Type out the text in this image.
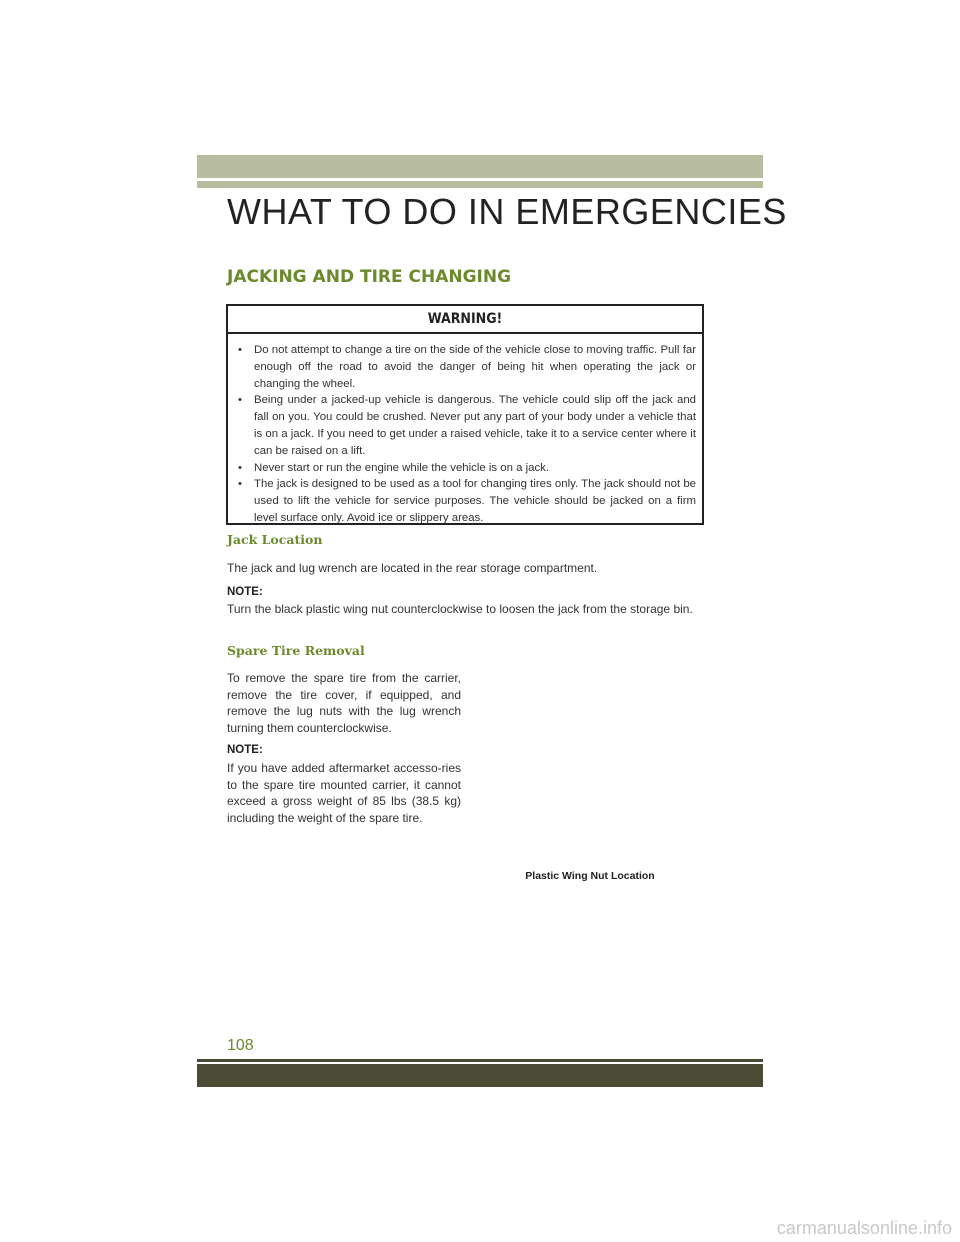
WHAT TO DO IN EMERGENCIES
JACKING AND TIRE CHANGING
WARNING!
• Do not attempt to change a tire on the side of the vehicle close to moving traffic. Pull far enough off the road to avoid the danger of being hit when operating the jack or changing the wheel.
• Being under a jacked-up vehicle is dangerous. The vehicle could slip off the jack and fall on you. You could be crushed. Never put any part of your body under a vehicle that is on a jack. If you need to get under a raised vehicle, take it to a service center where it can be raised on a lift.
• Never start or run the engine while the vehicle is on a jack.
• The jack is designed to be used as a tool for changing tires only. The jack should not be used to lift the vehicle for service purposes. The vehicle should be jacked on a firm level surface only. Avoid ice or slippery areas.
Jack Location

The jack and lug wrench are located in the rear storage compartment.

NOTE:

Turn the black plastic wing nut counterclockwise to loosen the jack from the storage bin.

Spare Tire Removal

To remove the spare tire from the carrier, remove the tire cover, if equipped, and remove the lug nuts with the lug wrench turning them counterclockwise.

NOTE:

If you have added aftermarket accesso-ries to the spare tire mounted carrier, it cannot exceed a gross weight of 85 lbs (38.5 kg) including the weight of the spare tire.

Plastic Wing Nut Location

108

carmanualsonline.info
